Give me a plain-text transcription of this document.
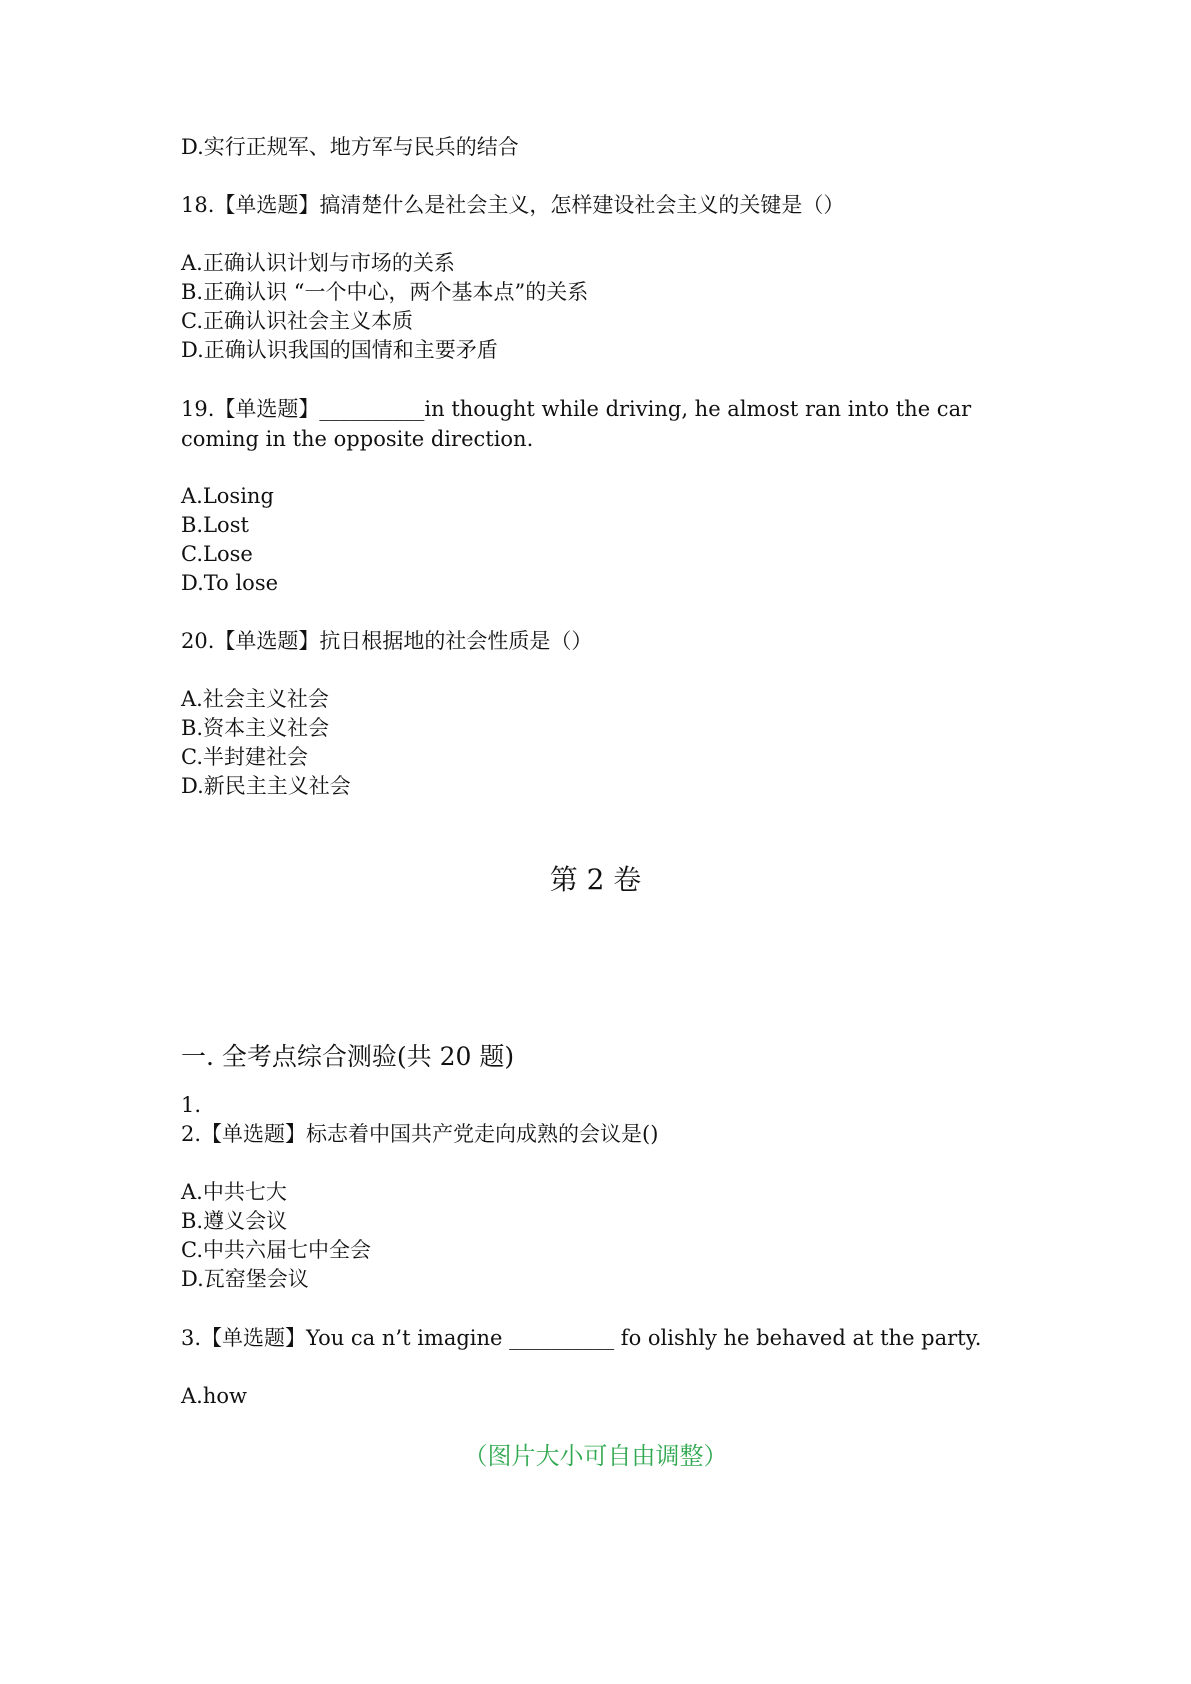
D.实行正规军、地方军与民兵的结合
18.【单选题】搞清楚什么是社会主义，怎样建设社会主义的关键是（）
A.正确认识计划与市场的关系
B.正确认识 “一个中心，两个基本点”的关系
C.正确认识社会主义本质
D.正确认识我国的国情和主要矛盾
19.【单选题】__________in thought while driving, he almost ran into the car coming in the opposite direction.
A.Losing
B.Lost
C.Lose
D.To lose
20.【单选题】抗日根据地的社会性质是（）
A.社会主义社会
B.资本主义社会
C.半封建社会
D.新民主主义社会
第 2 卷
一. 全考点综合测验(共 20 题)
1.
2.【单选题】标志着中国共产党走向成熟的会议是()
A.中共七大
B.遵义会议
C.中共六届七中全会
D.瓦窑堡会议
3.【单选题】You ca n’t imagine __________ fo olishly he behaved at the party.
A.how
（图片大小可自由调整）
